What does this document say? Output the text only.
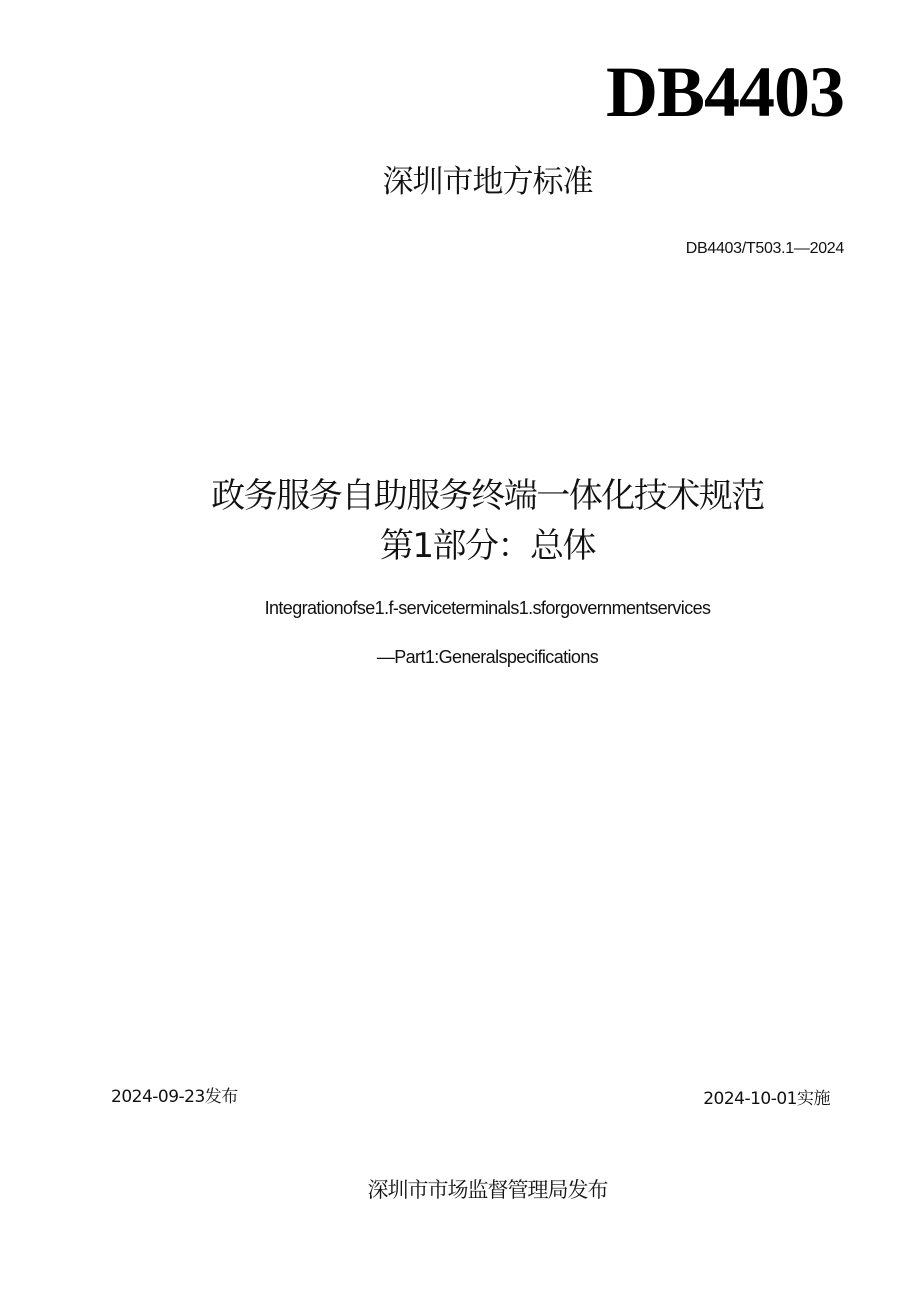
DB4403
深圳市地方标准
DB4403/T503.1—2024
政务服务自助服务终端一体化技术规范
第1部分：总体
Integrationofse1.f-serviceterminals1.sforgovernmentservices
—Part1:Generalspecifications
2024-09-23发布	2024-10-01实施
深圳市市场监督管理局发布
